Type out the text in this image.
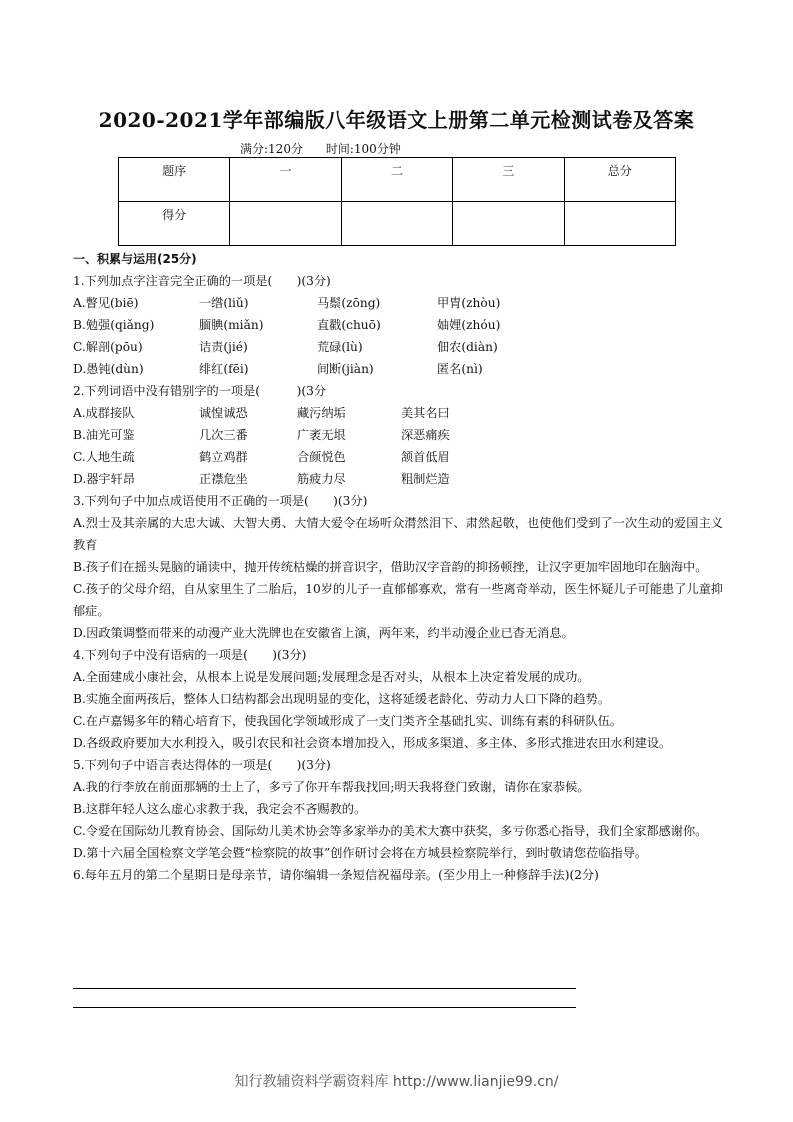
2020-2021学年部编版八年级语文上册第二单元检测试卷及答案
满分:120分 时间:100分钟
题序	一	二	三	总分
得分				
一、积累与运用(25分)
1.下列加点字注音完全正确的一项是(　　)(3分)
A.瞥见(biē)	一绺(liǔ)	马鬃(zōng)	甲胄(zhòu)
B.勉强(qiǎng)	腼腆(miǎn)	直戳(chuō)	妯娌(zhóu)
C.解剖(pōu)	诘责(jié)	荒碌(lù)	佃农(diàn)
D.愚钝(dùn)	绯红(fēi)	间断(jiàn)	匿名(nì)
2.下列词语中没有错别字的一项是(　　　)(3分
A.成群接队	诚惶诚恐	藏污纳垢	美其名曰
B.油光可鉴	几次三番	广袤无垠	深恶痛疾
C.人地生疏	鹤立鸡群	合颜悦色	颔首低眉
D.器宇轩昂	正襟危坐	筋疲力尽	粗制烂造
3.下列句子中加点成语使用不正确的一项是(　　)(3分)
A.烈士及其亲属的大忠大诚、大智大勇、大情大爱令在场听众潸然泪下、肃然起敬，也使他们受到了一次生动的爱国主义教育
B.孩子们在摇头晃脑的诵读中，抛开传统枯燥的拼音识字，借助汉字音韵的抑扬顿挫，让汉字更加牢固地印在脑海中。
C.孩子的父母介绍，自从家里生了二胎后，10岁的儿子一直郁郁寡欢，常有一些离奇举动，医生怀疑儿子可能患了儿童抑郁症。
D.因政策调整而带来的动漫产业大洗牌也在安徽省上演，两年来，约半动漫企业已杳无消息。
4.下列句子中没有语病的一项是(　　)(3分)
A.全面建成小康社会，从根本上说是发展问题;发展理念是否对头，从根本上决定着发展的成功。
B.实施全面两孩后，整体人口结构都会出现明显的变化，这将延缓老龄化、劳动力人口下降的趋势。
C.在卢嘉锡多年的精心培育下，使我国化学领域形成了一支门类齐全基础扎实、训练有素的科研队伍。
D.各级政府要加大水利投入，吸引农民和社会资本增加投入，形成多渠道、多主体、多形式推进农田水利建设。
5.下列句子中语言表达得体的一项是(　　)(3分)
A.我的行李放在前面那辆的士上了，多亏了你开车帮我找回;明天我将登门致谢，请你在家恭候。
B.这群年轻人这么虚心求教于我，我定会不吝赐教的。
C.令爱在国际幼儿教育协会、国际幼儿美术协会等多家举办的美术大赛中获奖，多亏你悉心指导，我们全家都感谢你。
D.第十六届全国检察文学笔会暨“检察院的故事”创作研讨会将在方城县检察院举行，到时敬请您莅临指导。
6.每年五月的第二个星期日是母亲节，请你编辑一条短信祝福母亲。(至少用上一种修辞手法)(2分)
知行教辅资料学霸资料库 http://www.lianjie99.cn/
